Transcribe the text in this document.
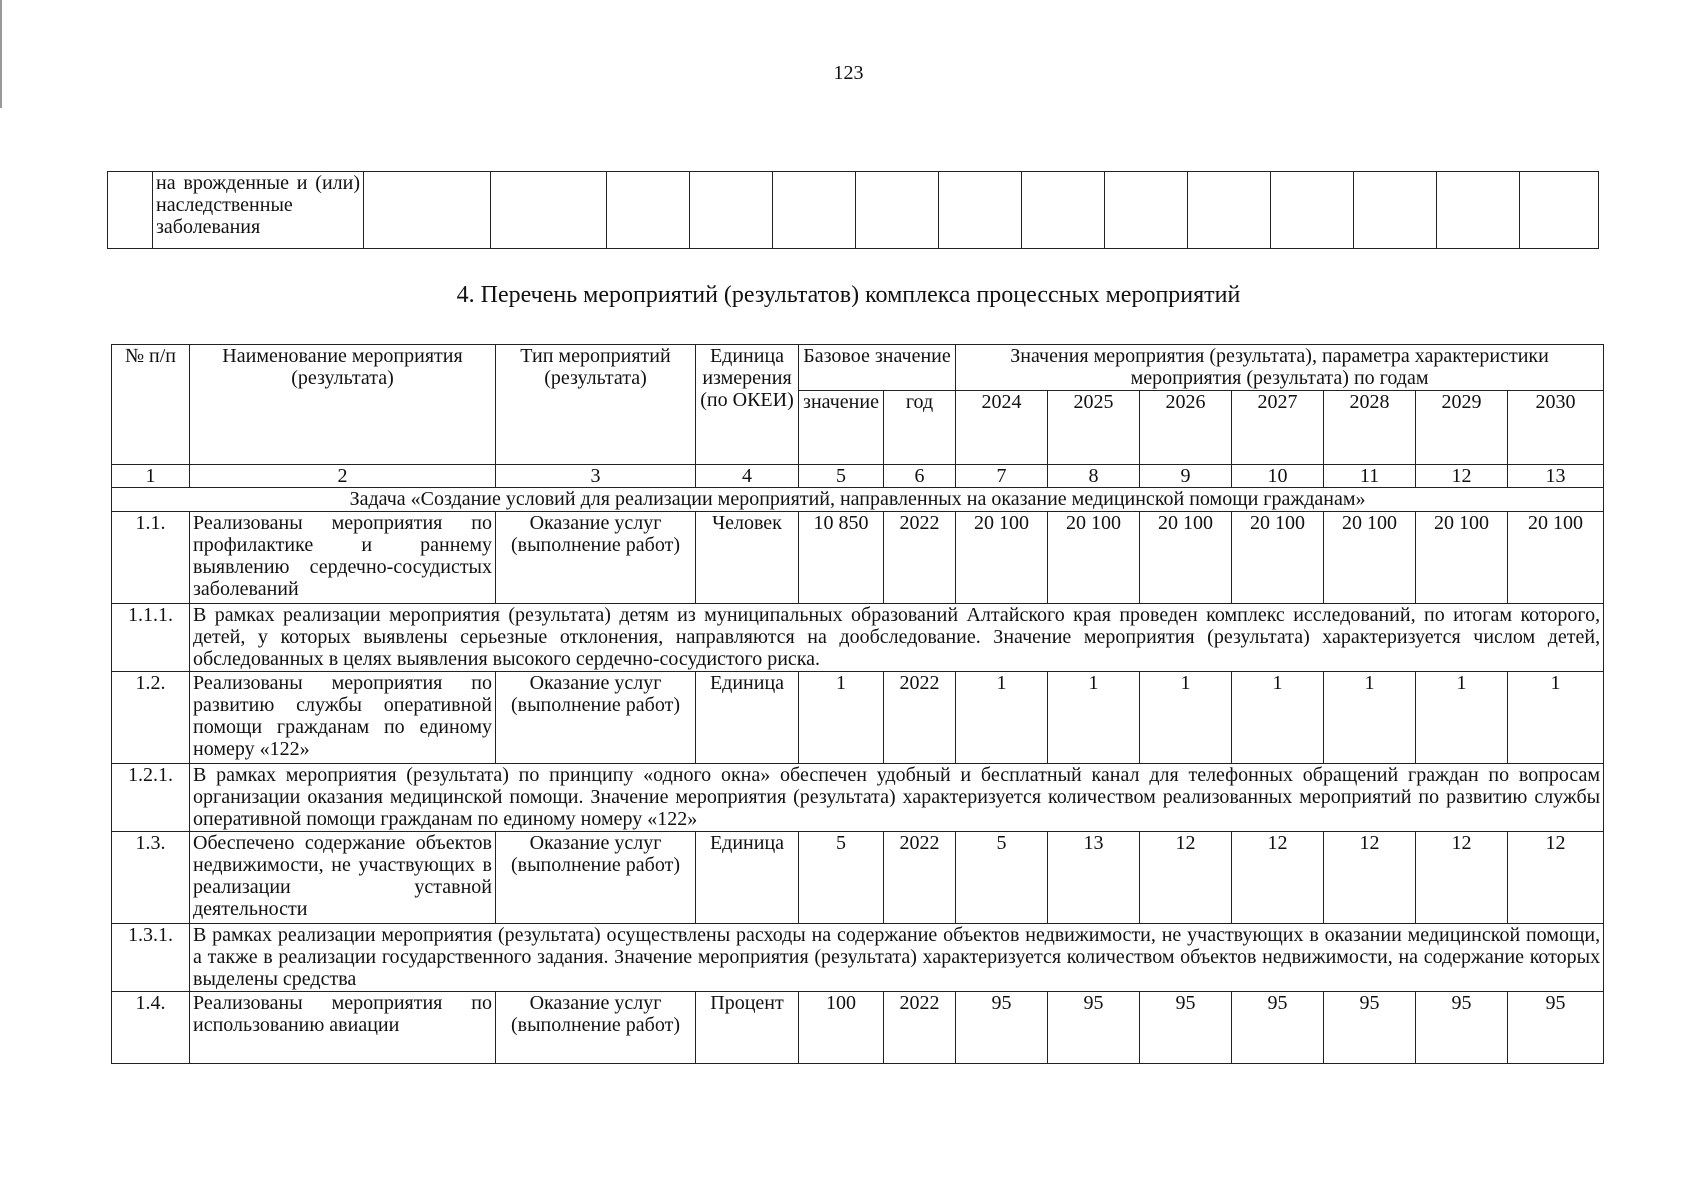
123
	на врожденные и (или) наследственные заболевания														
4. Перечень мероприятий (результатов) комплекса процессных мероприятий
№ п/п	Наименование мероприятия (результата)	Тип мероприятий (результата)	Единица измерения (по ОКЕИ)	Базовое значение		Значения мероприятия (результата), параметра характеристики мероприятия (результата) по годам						
				значение	год	2024	2025	2026	2027	2028	2029	2030
1	2	3	4	5	6	7	8	9	10	11	12	13
Задача «Создание условий для реализации мероприятий, направленных на оказание медицинской помощи гражданам»												
1.1.	Реализованы мероприятия по профилактике и раннему выявлению сердечно-сосудистых заболеваний	Оказание услуг (выполнение работ)	Человек	10 850	2022	20 100	20 100	20 100	20 100	20 100	20 100	20 100
1.1.1.	В рамках реализации мероприятия (результата) детям из муниципальных образований Алтайского края проведен комплекс исследований, по итогам которого, детей, у которых выявлены серьезные отклонения, направляются на дообследование. Значение мероприятия (результата) характеризуется числом детей, обследованных в целях выявления высокого сердечно-сосудистого риска.											
1.2.	Реализованы мероприятия по развитию службы оперативной помощи гражданам по единому номеру «122»	Оказание услуг (выполнение работ)	Единица	1	2022	1	1	1	1	1	1	1
1.2.1.	В рамках мероприятия (результата) по принципу «одного окна» обеспечен удобный и бесплатный канал для телефонных обращений граждан по вопросам организации оказания медицинской помощи. Значение мероприятия (результата) характеризуется количеством реализованных мероприятий по развитию службы оперативной помощи гражданам по единому номеру «122»											
1.3.	Обеспечено содержание объектов недвижимости, не участвующих в реализации уставной деятельности	Оказание услуг (выполнение работ)	Единица	5	2022	5	13	12	12	12	12	12
1.3.1.	В рамках реализации мероприятия (результата) осуществлены расходы на содержание объектов недвижимости, не участвующих в оказании медицинской помощи, а также в реализации государственного задания. Значение мероприятия (результата) характеризуется количеством объектов недвижимости, на содержание которых выделены средства											
1.4.	Реализованы мероприятия по использованию авиации	Оказание услуг (выполнение работ)	Процент	100	2022	95	95	95	95	95	95	95
